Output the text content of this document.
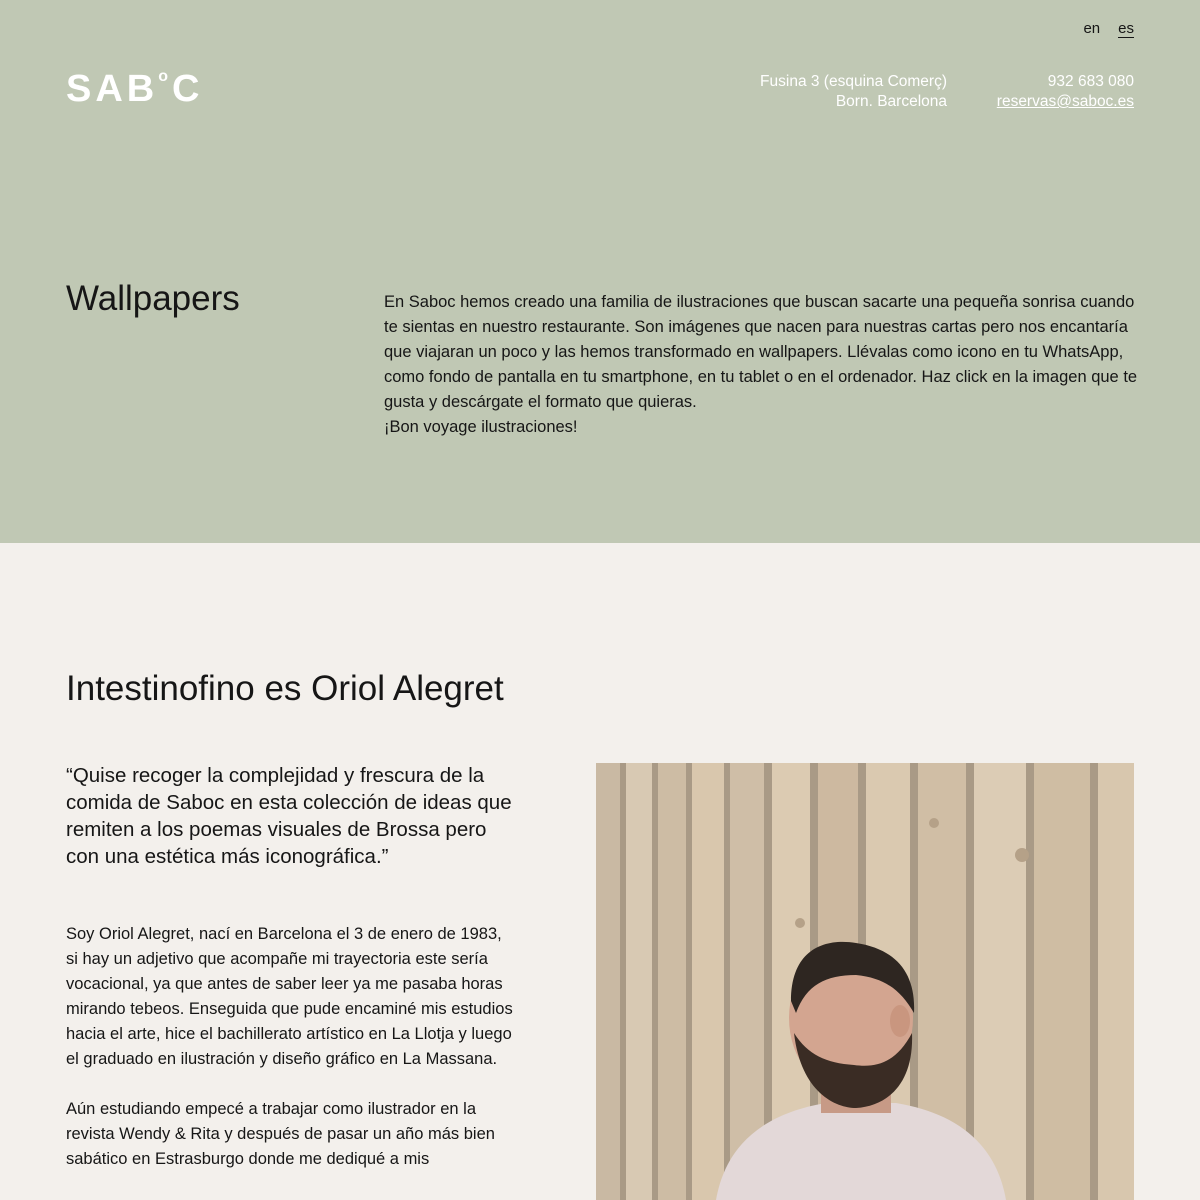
en es
SAB$^o$C	Fusina 3 (esquina Comerç)
Born. Barcelona
932 683 080
reservas@saboc.es
Wallpapers	En Saboc hemos creado una familia de ilustraciones que buscan sacarte una pequeña sonrisa cuando te sientas en nuestro restaurante. Son imágenes que nacen para nuestras cartas pero nos encantaría que viajaran un poco y las hemos transformado en wallpapers. Llévalas como icono en tu WhatsApp, como fondo de pantalla en tu smartphone, en tu tablet o en el ordenador. Haz click en la imagen que te gusta y descárgate el formato que quieras.

¡Bon voyage ilustraciones!

Intestinofino es Oriol Alegret

“Quise recoger la complejidad y frescura de la comida de Saboc en esta colección de ideas que remiten a los poemas visuales de Brossa pero con una estética más iconográfica.”

Soy Oriol Alegret, nací en Barcelona el 3 de enero de 1983, si hay un adjetivo que acompañe mi trayectoria este sería vocacional, ya que antes de saber leer ya me pasaba horas mirando tebeos. Enseguida que pude encaminé mis estudios hacia el arte, hice el bachillerato artístico en La Llotja y luego el graduado en ilustración y diseño gráfico en La Massana.

Aún estudiando empecé a trabajar como ilustrador en la revista Wendy & Rita y después de pasar un año más bien sabático en Estrasburgo donde me dediqué a mis
